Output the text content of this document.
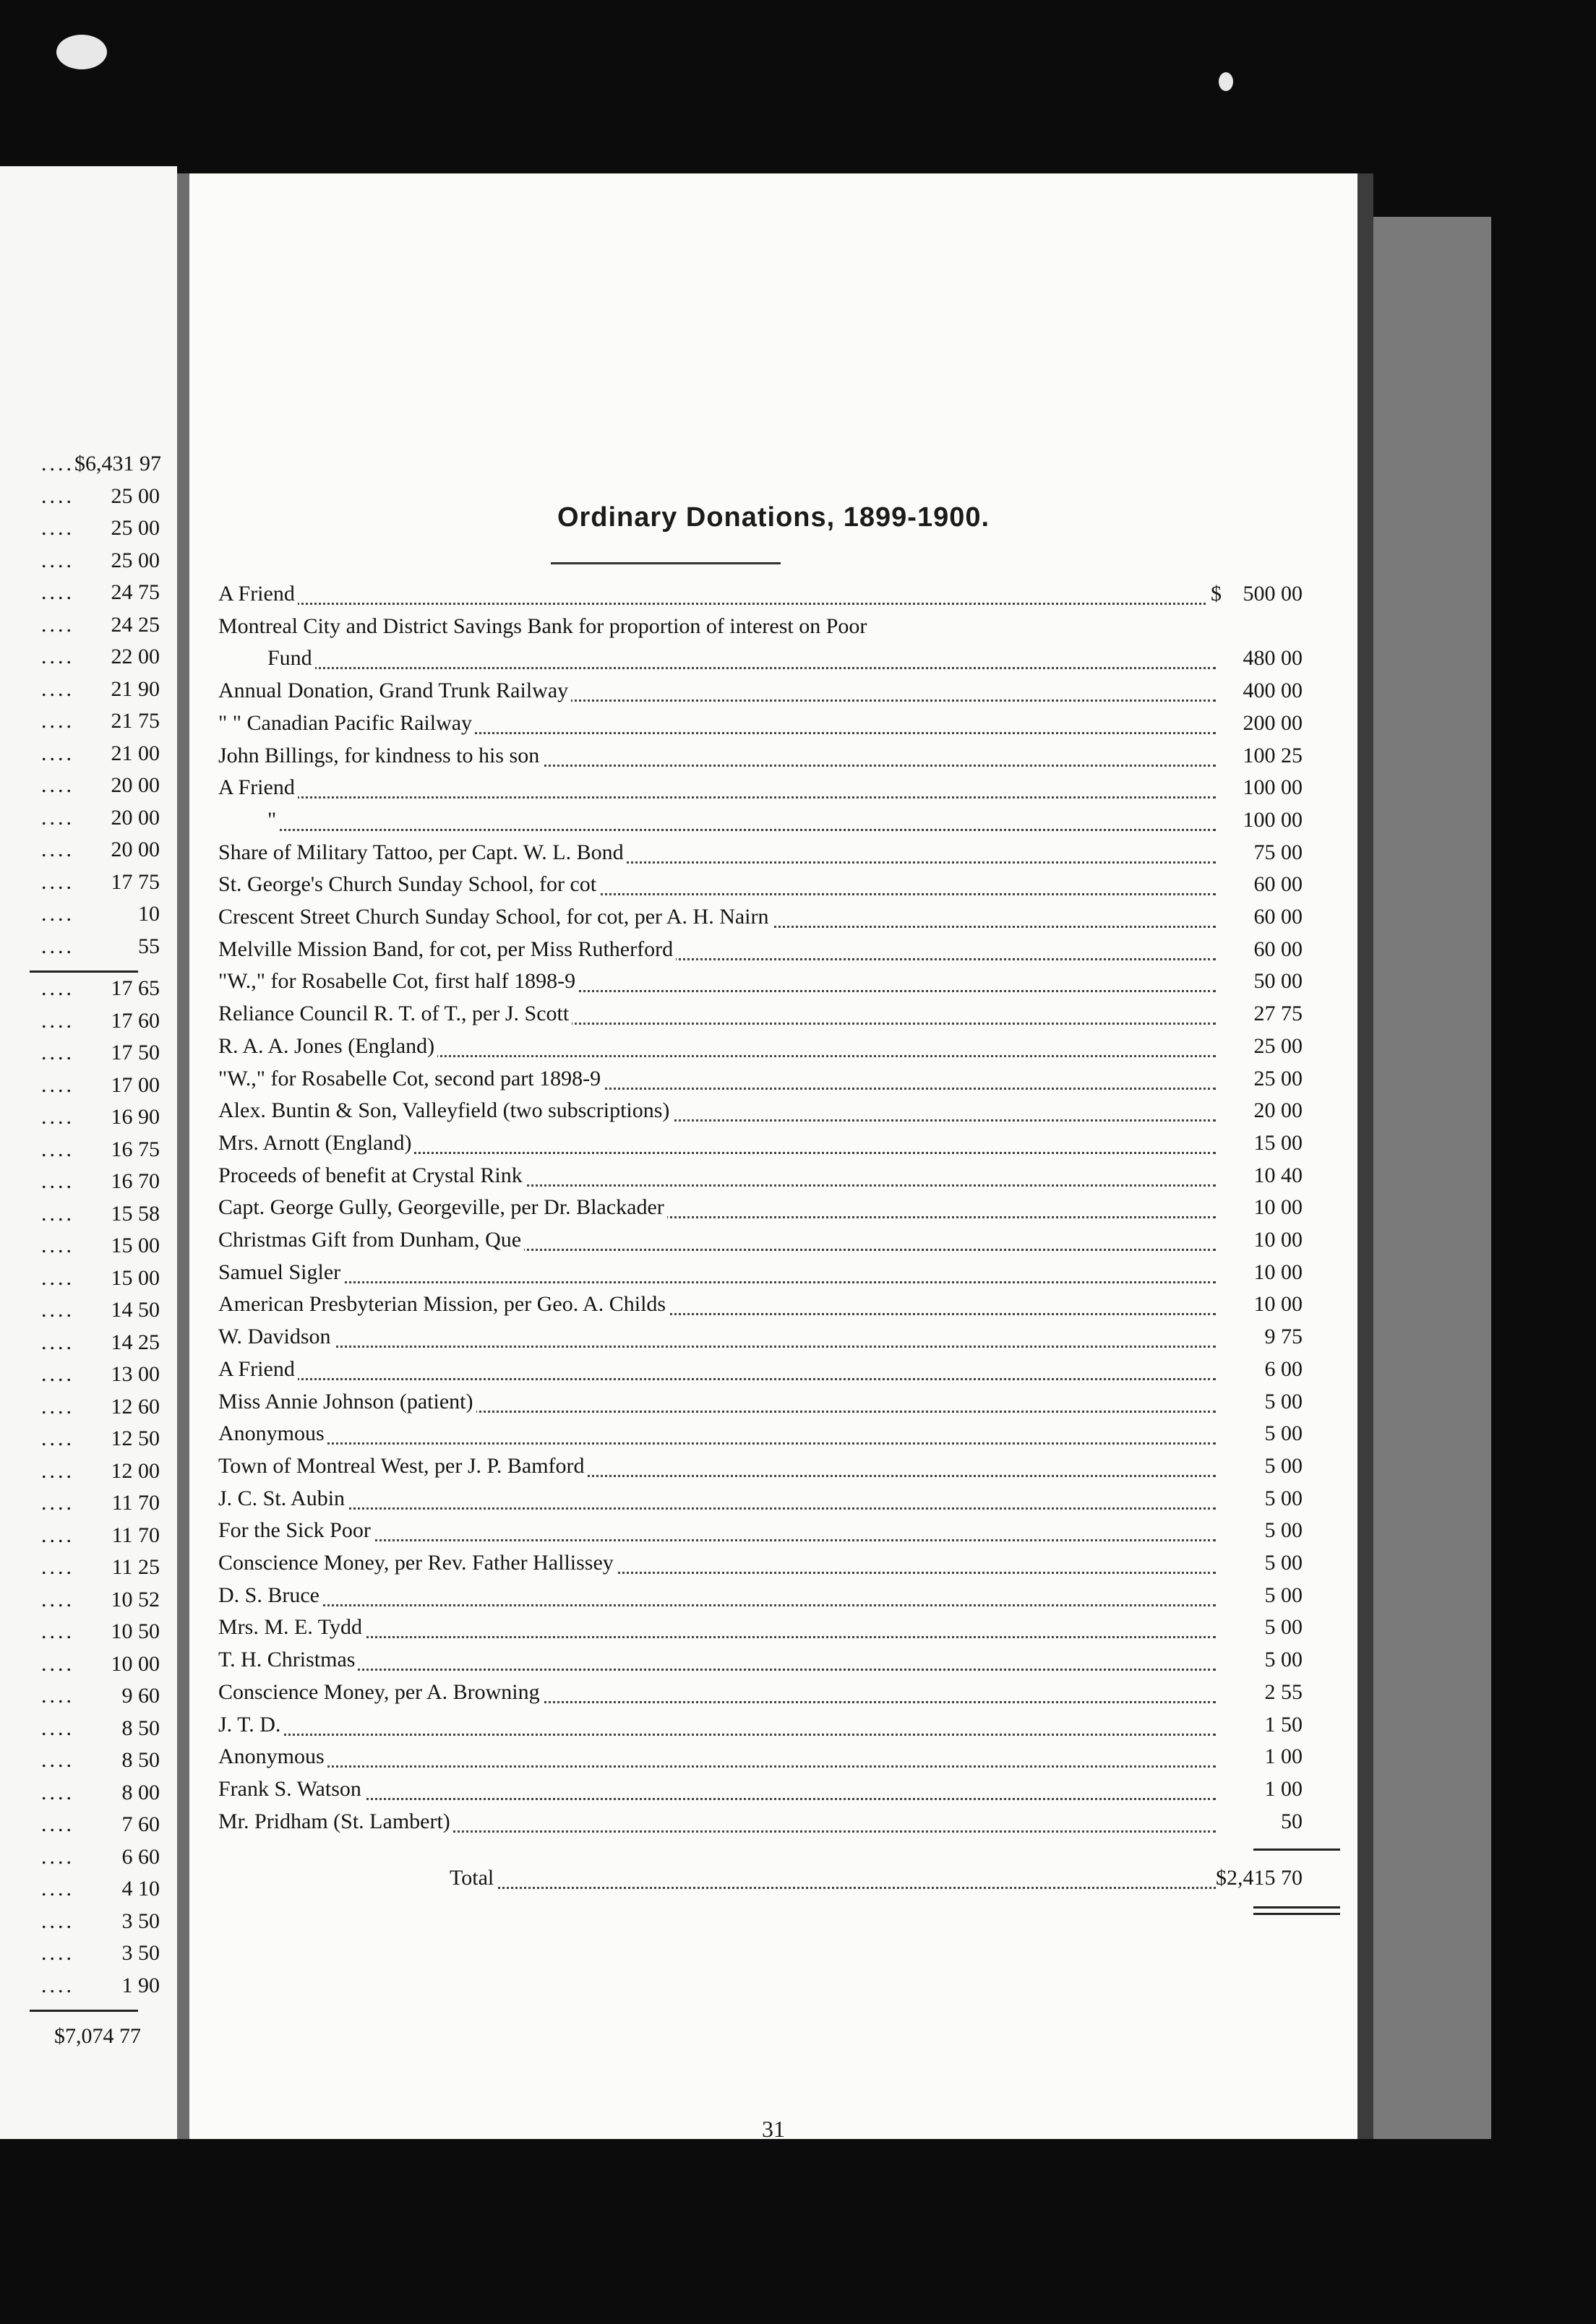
....$6,431 97
.... 25 00
.... 25 00
.... 25 00
.... 24 75
.... 24 25
.... 22 00
.... 21 90
.... 21 75
.... 21 00
.... 20 00
.... 20 00
.... 20 00
.... 17 75
....	10
....	55
.... 17 65
.... 17 60
.... 17 50
.... 17 00
.... 16 90
.... 16 75
.... 16 70
.... 15 58
.... 15 00
.... 15 00
.... 14 50
.... 14 25
.... 13 00
.... 12 60
.... 12 50
.... 12 00
.... 11 70
.... 11 70
.... 11 25
.... 10 52
.... 10 50
.... 10 00
.... 9 60
.... 8 50
.... 8 50
.... 8 00
.... 7 60
.... 6 60
.... 4 10
.... 3 50
.... 3 50
.... 1 90
$7,074 77
Ordinary Donations, 1899-1900.
A Friend	$ 500 00
Montreal City and District Savings Bank for proportion of interest on Poor
Fund	480 00
Annual Donation, Grand Trunk Railway	400 00
" " Canadian Pacific Railway	200 00
John Billings, for kindness to his son	100 25
A Friend	100 00
"	100 00
Share of Military Tattoo, per Capt. W. L. Bond	75 00
St. George's Church Sunday School, for cot	60 00
Crescent Street Church Sunday School, for cot, per A. H. Nairn	60 00
Melville Mission Band, for cot, per Miss Rutherford	60 00
"W.," for Rosabelle Cot, first half 1898-9	50 00
Reliance Council R. T. of T., per J. Scott	27 75
R. A. A. Jones (England)	25 00
"W.," for Rosabelle Cot, second part 1898-9	25 00
Alex. Buntin & Son, Valleyfield (two subscriptions)	20 00
Mrs. Arnott (England)	15 00
Proceeds of benefit at Crystal Rink	10 40
Capt. George Gully, Georgeville, per Dr. Blackader	10 00
Christmas Gift from Dunham, Que	10 00
Samuel Sigler	10 00
American Presbyterian Mission, per Geo. A. Childs	10 00
W. Davidson	9 75
A Friend	6 00
Miss Annie Johnson (patient)	5 00
Anonymous	5 00
Town of Montreal West, per J. P. Bamford	5 00
J. C. St. Aubin	5 00
For the Sick Poor	5 00
Conscience Money, per Rev. Father Hallissey	5 00
D. S. Bruce	5 00
Mrs. M. E. Tydd	5 00
T. H. Christmas	5 00
Conscience Money, per A. Browning	2 55
J. T. D.	1 50
Anonymous	1 00
Frank S. Watson	1 00
Mr. Pridham (St. Lambert)	50
Total	$2,415 70
31
